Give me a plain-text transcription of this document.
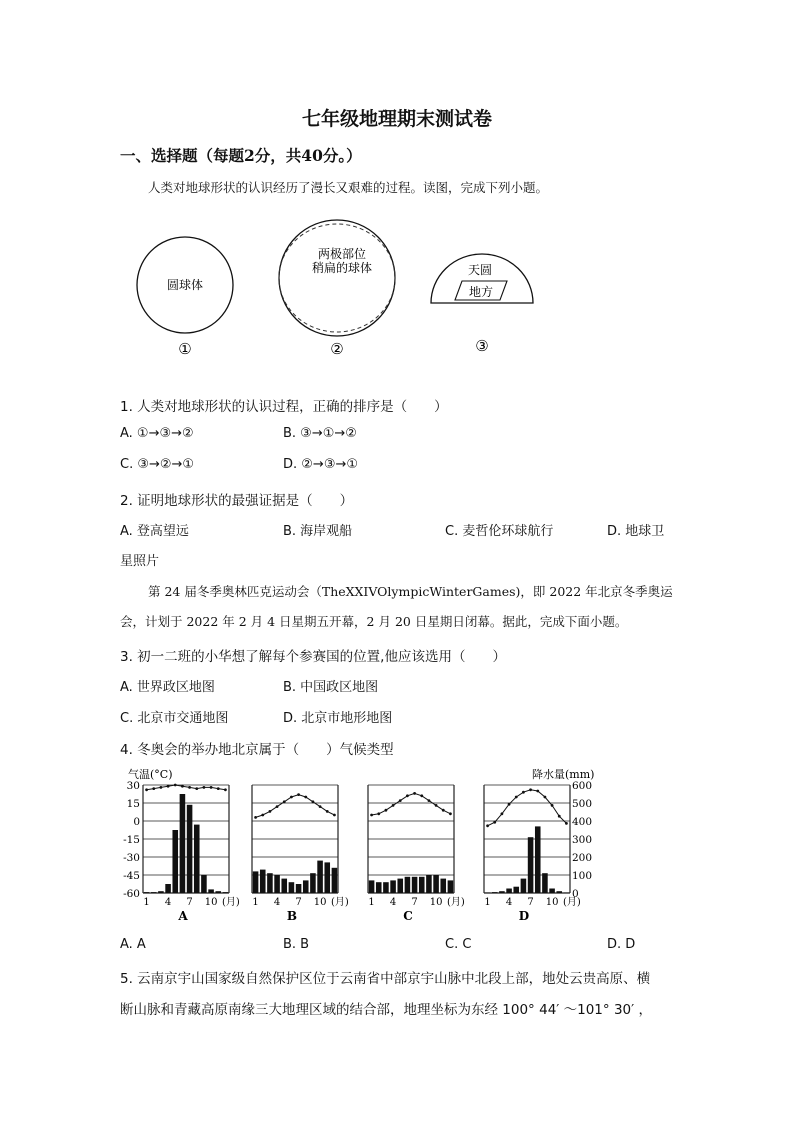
七年级地理期末测试卷
一、选择题（每题2分，共40分。）
人类对地球形状的认识经历了漫长又艰难的过程。读图，完成下列小题。
圆球体
两极部位
稍扁的球体	天圆
地方
①	②	③
1. 人类对地球形状的认识过程，正确的排序是（　　）
A. ①→③→②	B. ③→①→②
C. ③→②→①	D. ②→③→①
2. 证明地球形状的最强证据是（　　）
A. 登高望远	B. 海岸观船	C. 麦哲伦环球航行	D. 地球卫
星照片
第 24 届冬季奥林匹克运动会（TheXXIVOlympicWinterGames)，即 2022 年北京冬季奥运
会，计划于 2022 年 2 月 4 日星期五开幕，2 月 20 日星期日闭幕。据此，完成下面小题。
3. 初一二班的小华想了解每个参赛国的位置,他应该选用（　　）
A. 世界政区地图	B. 中国政区地图
C. 北京市交通地图	D. 北京市地形地图
4. 冬奥会的举办地北京属于（　　）气候类型
气温(°C)	降水量(mm)
30
15
0
-15
-30
-45
-60
600
500
400
300
200
100
0
1 4 7 10 (月)
A
1 4 7 10 (月)
B
1 4 7 10 (月)
C
1 4 7 10 (月)
D
A. A	B. B	C. C	D. D
5. 云南京宇山国家级自然保护区位于云南省中部京宇山脉中北段上部，地处云贵高原、横
断山脉和青藏高原南缘三大地理区域的结合部，地理坐标为东经 100° 44′ ～101° 30′ ，
